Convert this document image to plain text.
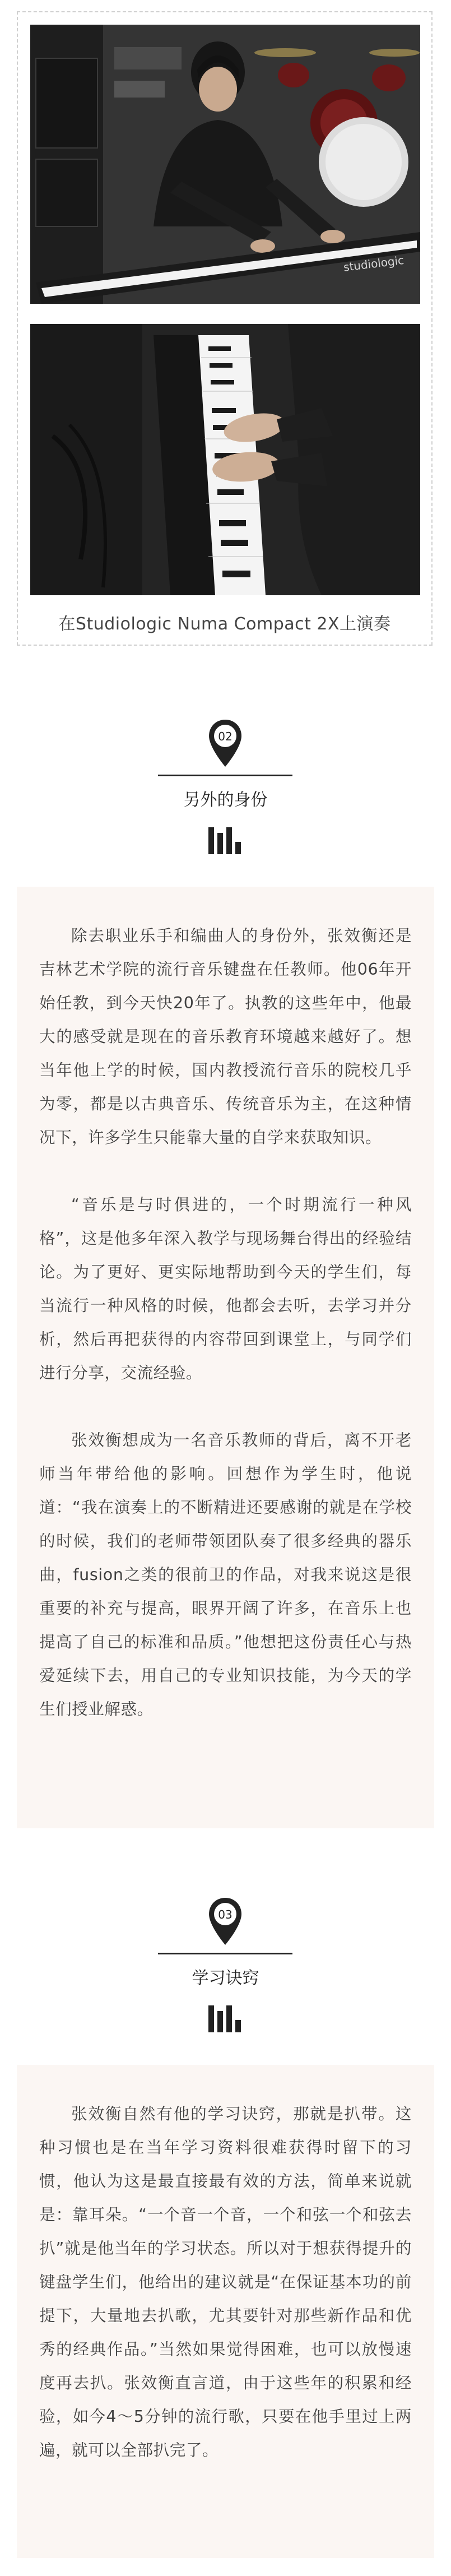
studiologic
在Studiologic Numa Compact 2X上演奏
02
另外的身份

除去职业乐手和编曲人的身份外，张效衡还是吉林艺术学院的流行音乐键盘在任教师。他06年开始任教，到今天快20年了。执教的这些年中，他最大的感受就是现在的音乐教育环境越来越好了。想当年他上学的时候，国内教授流行音乐的院校几乎为零，都是以古典音乐、传统音乐为主，在这种情况下，许多学生只能靠大量的自学来获取知识。

“音乐是与时俱进的，一个时期流行一种风格”，这是他多年深入教学与现场舞台得出的经验结论。为了更好、更实际地帮助到今天的学生们，每当流行一种风格的时候，他都会去听，去学习并分析，然后再把获得的内容带回到课堂上，与同学们进行分享，交流经验。

张效衡想成为一名音乐教师的背后，离不开老师当年带给他的影响。回想作为学生时，他说道：“我在演奏上的不断精进还要感谢的就是在学校的时候，我们的老师带领团队奏了很多经典的器乐曲，fusion之类的很前卫的作品，对我来说这是很重要的补充与提高，眼界开阔了许多，在音乐上也提高了自己的标准和品质。”他想把这份责任心与热爱延续下去，用自己的专业知识技能，为今天的学生们授业解惑。

03
学习诀窍

张效衡自然有他的学习诀窍，那就是扒带。这种习惯也是在当年学习资料很难获得时留下的习惯，他认为这是最直接最有效的方法，简单来说就是：靠耳朵。“一个音一个音，一个和弦一个和弦去扒”就是他当年的学习状态。所以对于想获得提升的键盘学生们，他给出的建议就是“在保证基本功的前提下，大量地去扒歌，尤其要针对那些新作品和优秀的经典作品。”当然如果觉得困难，也可以放慢速度再去扒。张效衡直言道，由于这些年的积累和经验，如今4～5分钟的流行歌，只要在他手里过上两遍，就可以全部扒完了。
